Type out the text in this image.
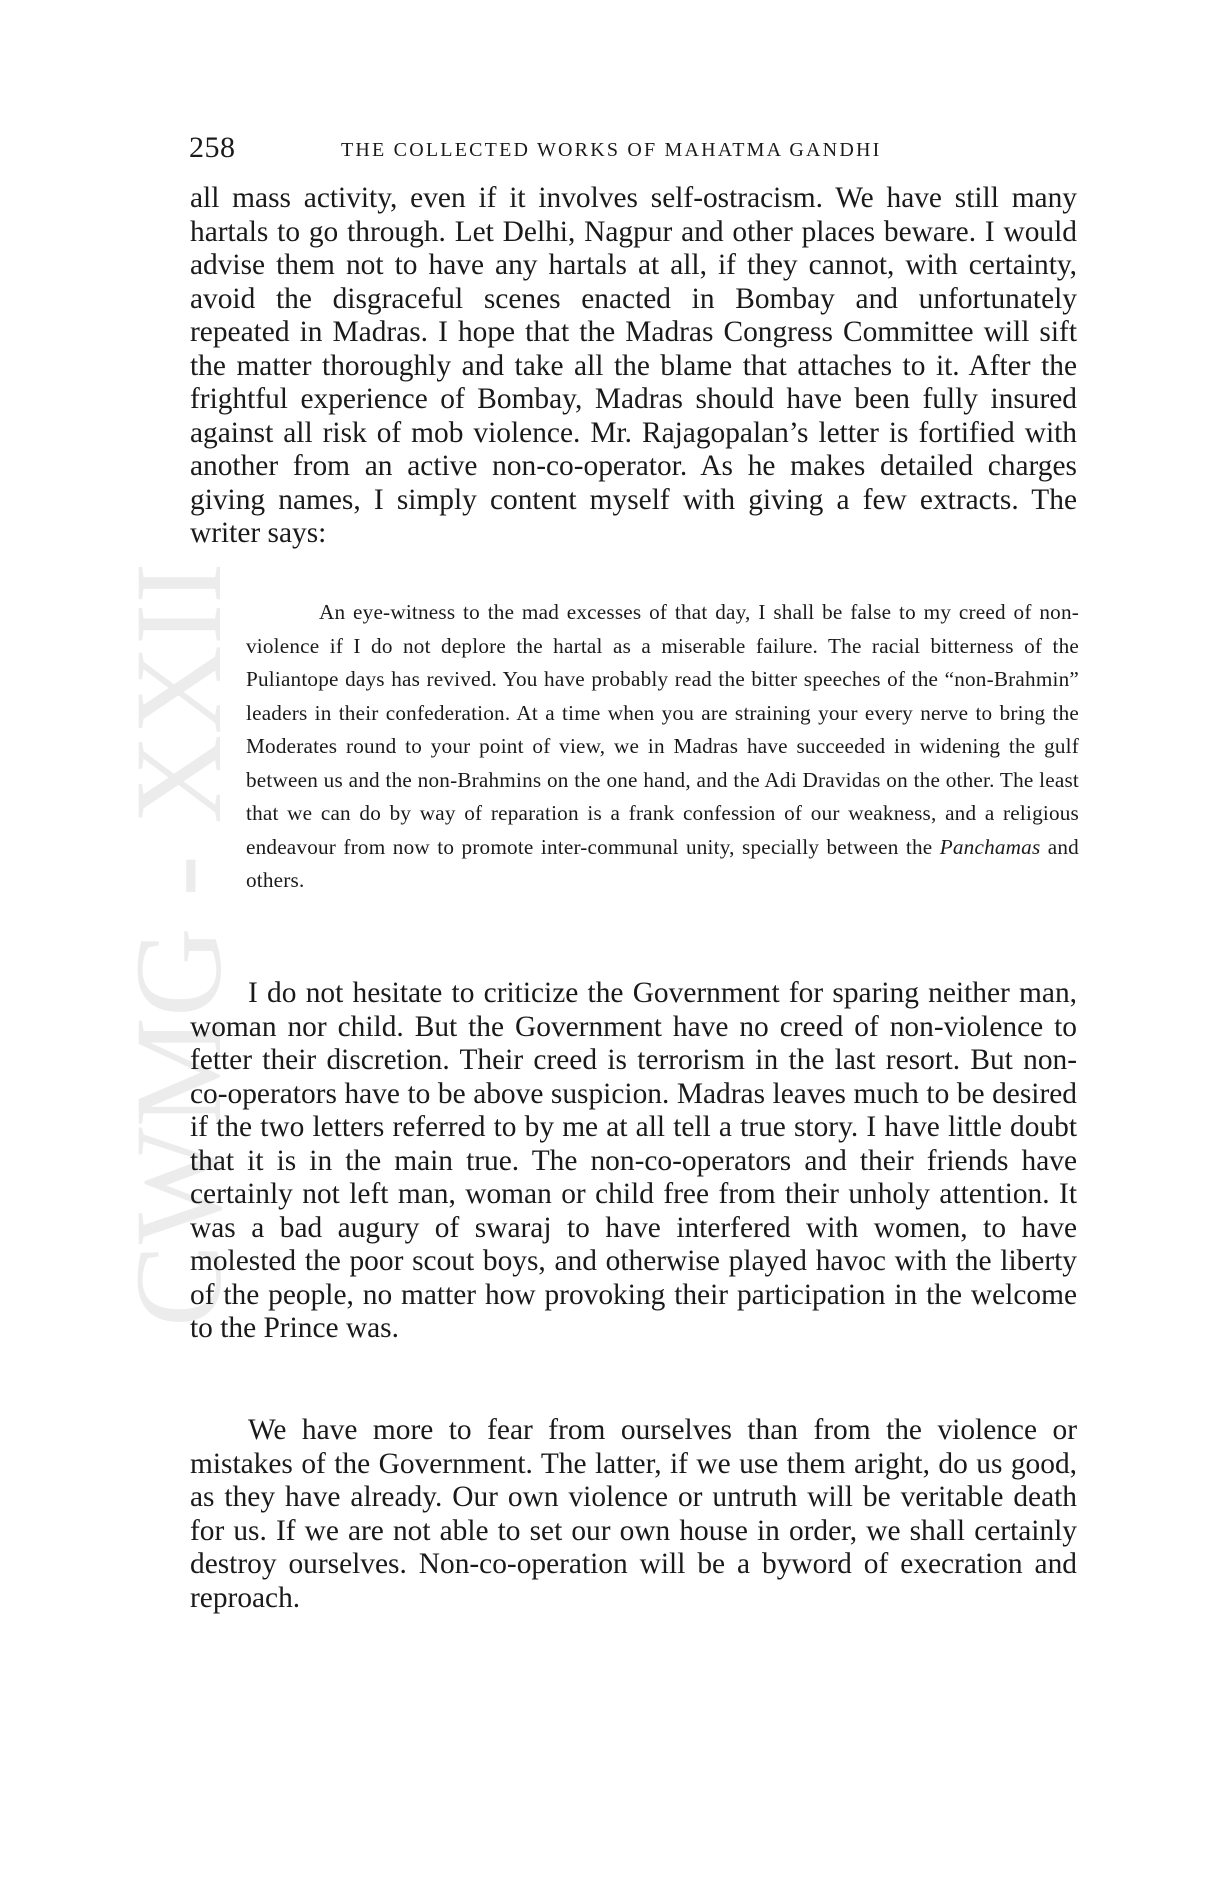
CWMG - XXII
258	THE COLLECTED WORKS OF MAHATMA GANDHI

all mass activity, even if it involves self-ostracism. We have still many hartals to go through. Let Delhi, Nagpur and other places beware. I would advise them not to have any hartals at all, if they cannot, with certainty, avoid the disgraceful scenes enacted in Bombay and unfortunately repeated in Madras. I hope that the Madras Congress Committee will sift the matter thoroughly and take all the blame that attaches to it. After the frightful experience of Bombay, Madras should have been fully insured against all risk of mob violence. Mr. Rajagopalan’s letter is fortified with another from an active non-co-operator. As he makes detailed charges giving names, I simply content myself with giving a few extracts. The writer says:

An eye-witness to the mad excesses of that day, I shall be false to my creed of non-violence if I do not deplore the hartal as a miserable failure. The racial bitterness of the Puliantope days has revived. You have probably read the bitter speeches of the “non-Brahmin” leaders in their confederation. At a time when you are straining your every nerve to bring the Moderates round to your point of view, we in Madras have succeeded in widening the gulf between us and the non-Brahmins on the one hand, and the Adi Dravidas on the other. The least that we can do by way of reparation is a frank confession of our weakness, and a religious endeavour from now to promote inter-communal unity, specially between the Panchamas and others.

I do not hesitate to criticize the Government for sparing neither man, woman nor child. But the Government have no creed of non-violence to fetter their discretion. Their creed is terrorism in the last resort. But non-co-operators have to be above suspicion. Madras leaves much to be desired if the two letters referred to by me at all tell a true story. I have little doubt that it is in the main true. The non-co-operators and their friends have certainly not left man, woman or child free from their unholy attention. It was a bad augury of swaraj to have interfered with women, to have molested the poor scout boys, and otherwise played havoc with the liberty of the people, no matter how provoking their participation in the welcome to the Prince was.

We have more to fear from ourselves than from the violence or mistakes of the Government. The latter, if we use them aright, do us good, as they have already. Our own violence or untruth will be veritable death for us. If we are not able to set our own house in order, we shall certainly destroy ourselves. Non-co-operation will be a byword of execration and reproach.
